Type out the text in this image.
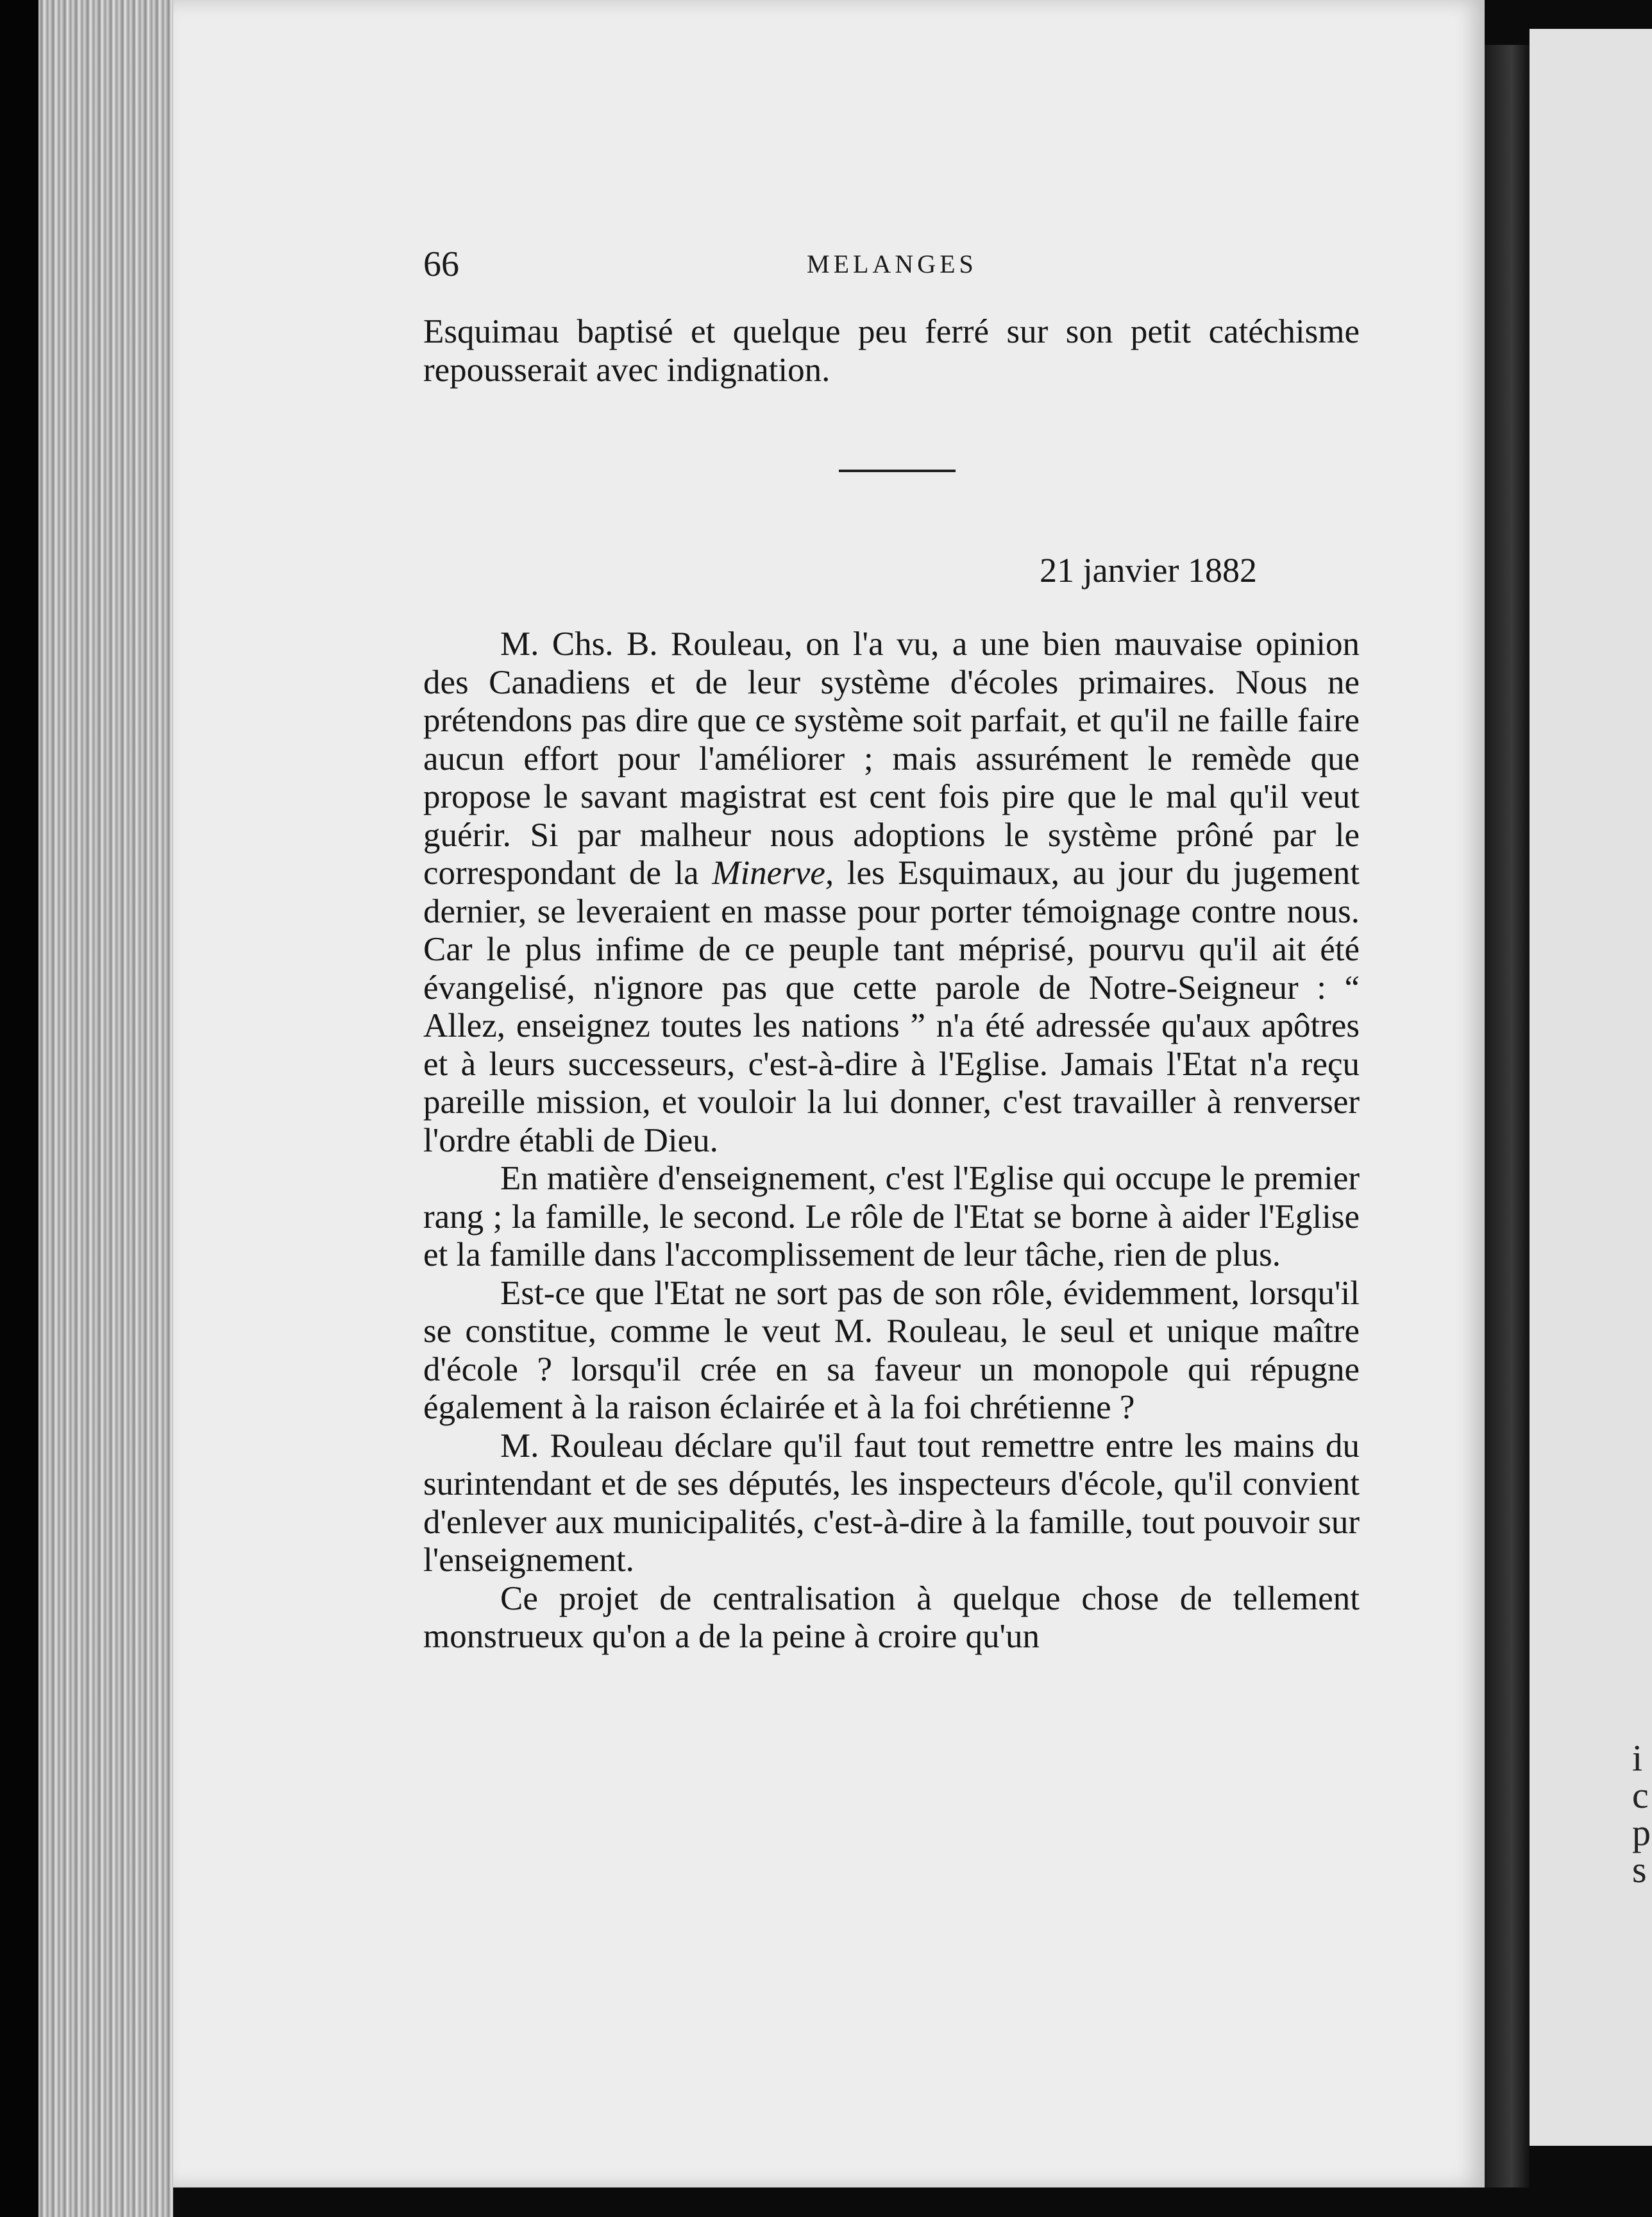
66	MELANGES

Esquimau baptisé et quelque peu ferré sur son petit catéchisme repousserait avec indignation.

21 janvier 1882

M. Chs. B. Rouleau, on l'a vu, a une bien mauvaise opinion des Canadiens et de leur système d'écoles primaires. Nous ne prétendons pas dire que ce système soit parfait, et qu'il ne faille faire aucun effort pour l'améliorer ; mais assurément le remède que propose le savant magistrat est cent fois pire que le mal qu'il veut guérir. Si par malheur nous adoptions le système prôné par le correspondant de la Minerve, les Esquimaux, au jour du jugement dernier, se leveraient en masse pour porter témoignage contre nous. Car le plus infime de ce peuple tant méprisé, pourvu qu'il ait été évangelisé, n'ignore pas que cette parole de Notre-Seigneur : “ Allez, enseignez toutes les nations ” n'a été adressée qu'aux apôtres et à leurs successeurs, c'est-à-dire à l'Eglise. Jamais l'Etat n'a reçu pareille mission, et vouloir la lui donner, c'est travailler à renverser l'ordre établi de Dieu.

En matière d'enseignement, c'est l'Eglise qui occupe le premier rang ; la famille, le second. Le rôle de l'Etat se borne à aider l'Eglise et la famille dans l'accomplissement de leur tâche, rien de plus.

Est-ce que l'Etat ne sort pas de son rôle, évidemment, lorsqu'il se constitue, comme le veut M. Rouleau, le seul et unique maître d'école ? lorsqu'il crée en sa faveur un monopole qui répugne également à la raison éclairée et à la foi chrétienne ?

M. Rouleau déclare qu'il faut tout remettre entre les mains du surintendant et de ses députés, les inspecteurs d'école, qu'il convient d'enlever aux municipalités, c'est-à-dire à la famille, tout pouvoir sur l'enseignement.

Ce projet de centralisation à quelque chose de tellement monstrueux qu'on a de la peine à croire qu'un

i
c
p
s
